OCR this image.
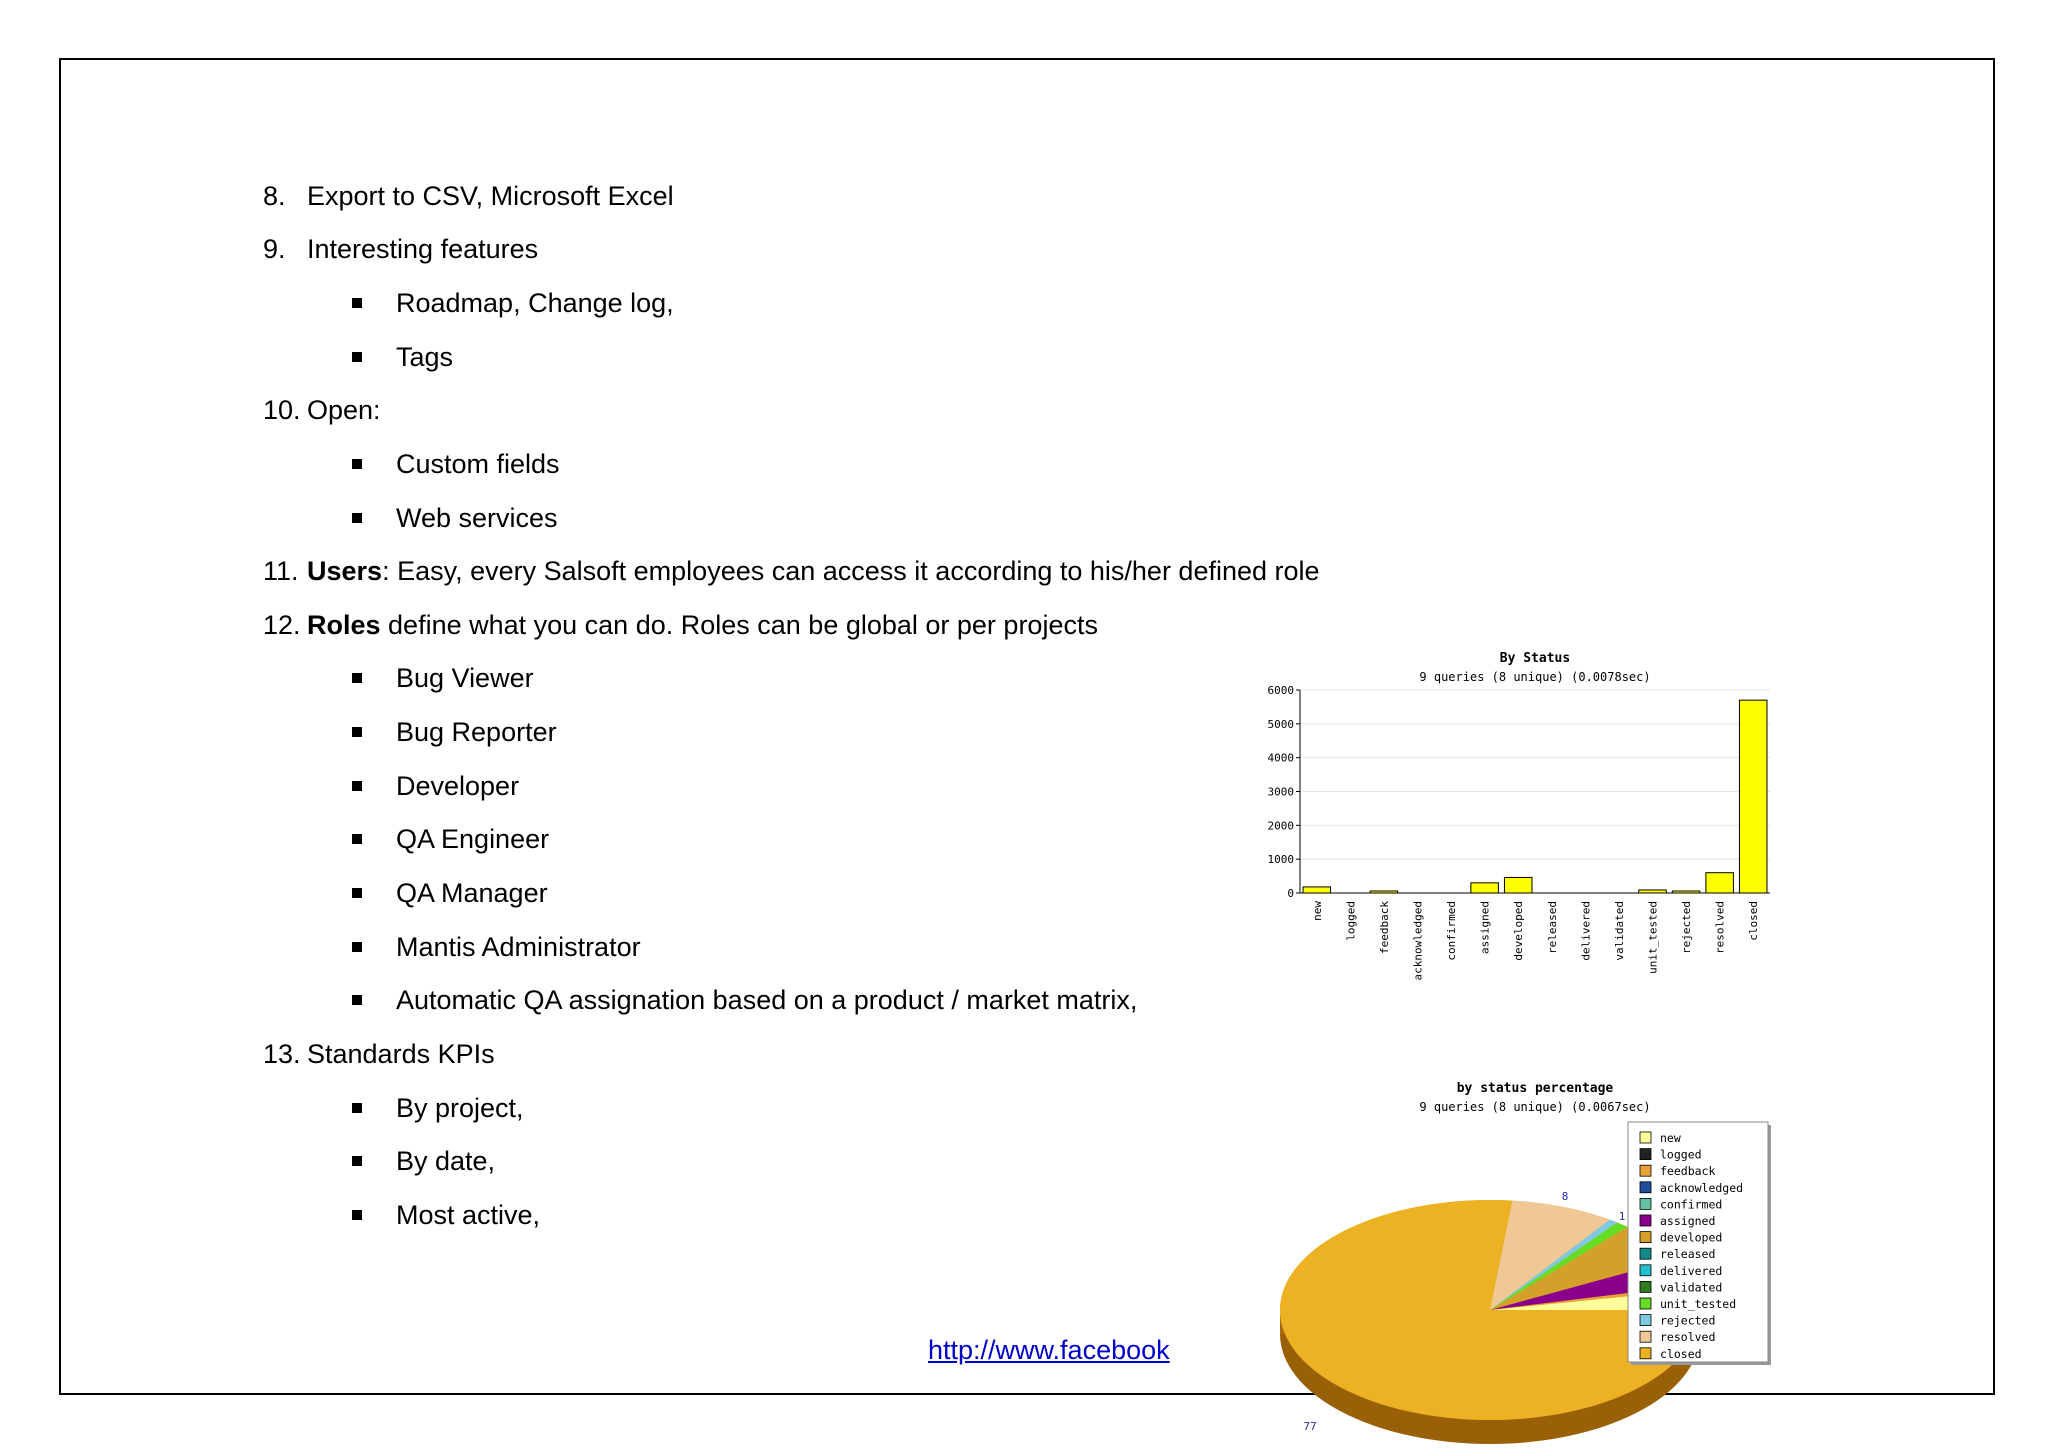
8. Export to CSV, Microsoft Excel
9. Interesting features
Roadmap, Change log,
Tags
10. Open:
Custom fields
Web services
11. Users: Easy, every Salsoft employees can access it according to his/her defined role
12. Roles define what you can do. Roles can be global or per projects
Bug Viewer
Bug Reporter
Developer
QA Engineer
QA Manager
Mantis Administrator
Automatic QA assignation based on a product / market matrix,
13. Standards KPIs
By project,
By date,
Most active,
http://www.facebook
By Status
9 queries (8 unique) (0.0078sec)
0
1000
2000
3000
4000
5000
6000
new logged feedback acknowledged confirmed assigned developed released delivered validated unit_tested rejected resolved closed
by status percentage
9 queries (8 unique) (0.0067sec)
8
1
77
new
logged
feedback
acknowledged
confirmed
assigned
developed
released
delivered
validated
unit_tested
rejected
resolved
closed
